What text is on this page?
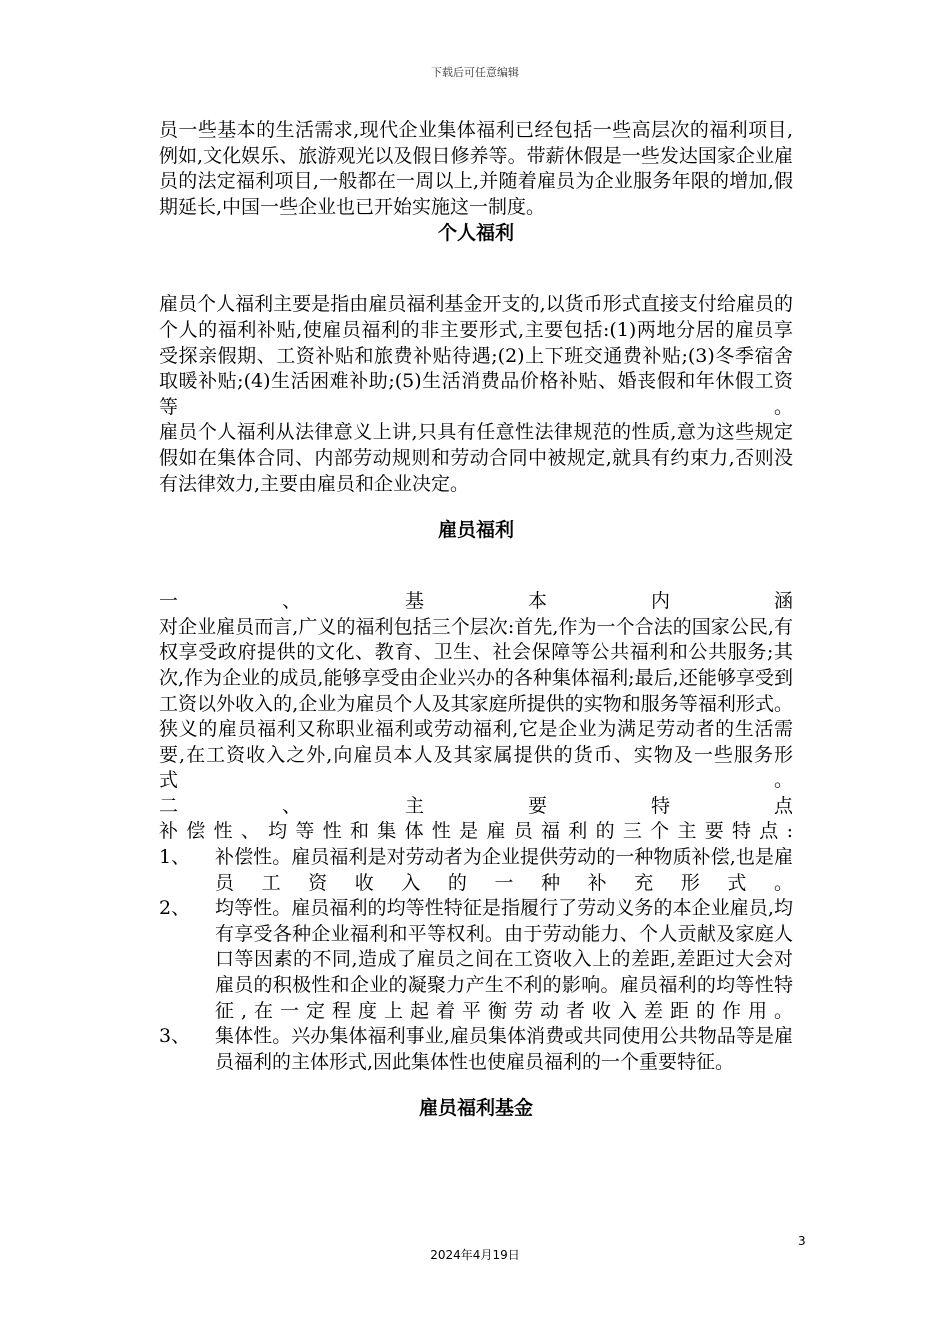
下载后可任意编辑

员一些基本的生活需求,现代企业集体福利已经包括一些高层次的福利项目,例如,文化娱乐、旅游观光以及假日修养等。带薪休假是一些发达国家企业雇员的法定福利项目,一般都在一周以上,并随着雇员为企业服务年限的增加,假期延长,中国一些企业也已开始实施这一制度。

个人福利

雇员个人福利主要是指由雇员福利基金开支的,以货币形式直接支付给雇员的个人的福利补贴,使雇员福利的非主要形式,主要包括:(1)两地分居的雇员享受探亲假期、工资补贴和旅费补贴待遇;(2)上下班交通费补贴;(3)冬季宿舍取暖补贴;(4)生活困难补助;(5)生活消费品价格补贴、婚丧假和年休假工资等。

雇员个人福利从法律意义上讲,只具有任意性法律规范的性质,意为这些规定假如在集体合同、内部劳动规则和劳动合同中被规定,就具有约束力,否则没有法律效力,主要由雇员和企业决定。

雇员福利

一、基本内涵

对企业雇员而言,广义的福利包括三个层次:首先,作为一个合法的国家公民,有权享受政府提供的文化、教育、卫生、社会保障等公共福利和公共服务;其次,作为企业的成员,能够享受由企业兴办的各种集体福利;最后,还能够享受到工资以外收入的,企业为雇员个人及其家庭所提供的实物和服务等福利形式。

狭义的雇员福利又称职业福利或劳动福利,它是企业为满足劳动者的生活需要,在工资收入之外,向雇员本人及其家属提供的货币、实物及一些服务形式。

二、主要特点

补偿性、均等性和集体性是雇员福利的三个主要特点:

1、	补偿性。雇员福利是对劳动者为企业提供劳动的一种物质补偿,也是雇员工资收入的一种补充形式。

2、	均等性。雇员福利的均等性特征是指履行了劳动义务的本企业雇员,均有享受各种企业福利和平等权利。由于劳动能力、个人贡献及家庭人口等因素的不同,造成了雇员之间在工资收入上的差距,差距过大会对雇员的积极性和企业的凝聚力产生不利的影响。雇员福利的均等性特征,在一定程度上起着平衡劳动者收入差距的作用。

3、	集体性。兴办集体福利事业,雇员集体消费或共同使用公共物品等是雇员福利的主体形式,因此集体性也使雇员福利的一个重要特征。

雇员福利基金
3
2024年4月19日
